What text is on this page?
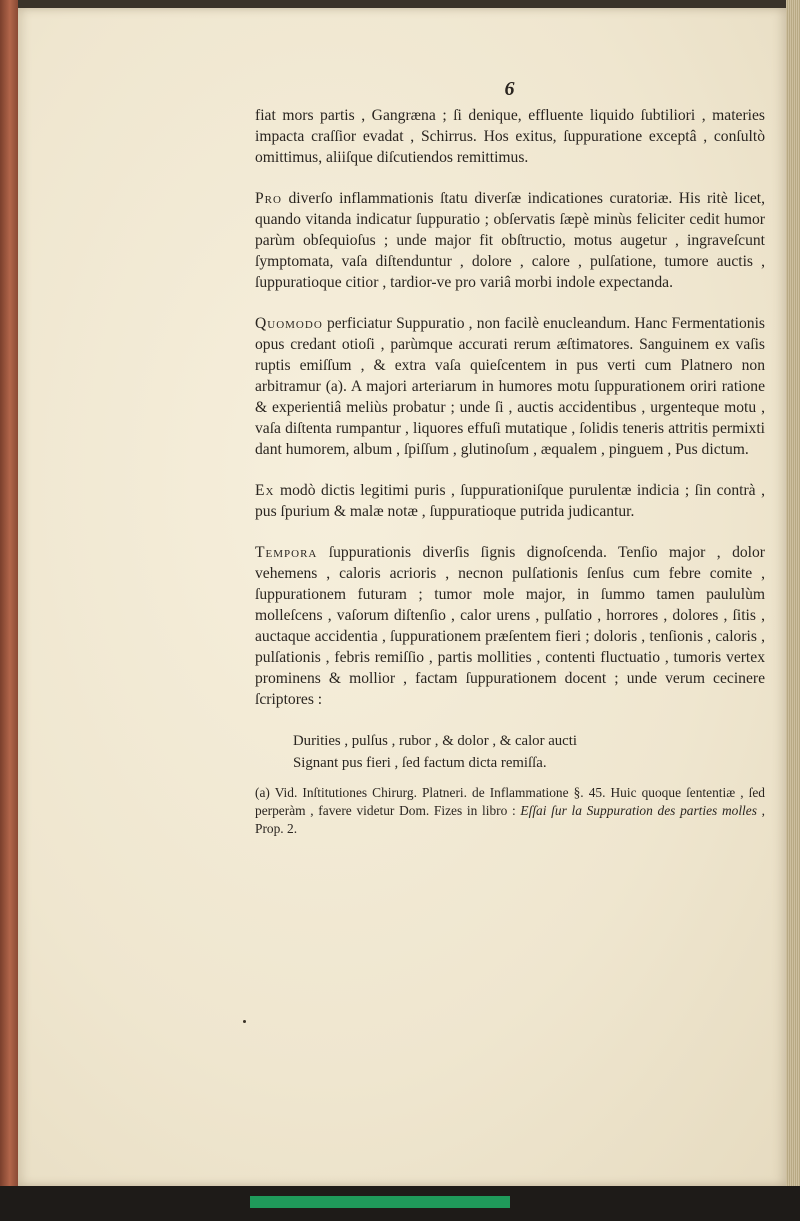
6

fiat mors partis , Gangræna ; ſi denique, effluente liquido ſubtiliori , materies impacta craſſior evadat , Schirrus. Hos exitus, ſuppuratione exceptâ , conſultò omittimus, aliiſque diſcutiendos remittimus.

Pro diverſo inflammationis ſtatu diverſæ indicationes curatoriæ. His ritè licet, quando vitanda indicatur ſuppuratio ; obſervatis ſæpè minùs feliciter cedit humor parùm obſequioſus ; unde major fit obſtructio, motus augetur , ingraveſcunt ſymptomata, vaſa diſtenduntur , dolore , calore , pulſatione, tumore auctis , ſuppuratioque citior , tardior-ve pro variâ morbi indole expectanda.

Quomodo perficiatur Suppuratio , non facilè enucleandum. Hanc Fermentationis opus credant otioſi , parùmque accurati rerum æſtimatores. Sanguinem ex vaſis ruptis emiſſum , & extra vaſa quieſcentem in pus verti cum Platnero non arbitramur (a). A majori arteriarum in humores motu ſuppurationem oriri ratione & experientiâ meliùs probatur ; unde ſi , auctis accidentibus , urgenteque motu , vaſa diſtenta rumpantur , liquores effuſi mutatique , ſolidis teneris attritis permixti dant humorem, album , ſpiſſum , glutinoſum , æqualem , pinguem , Pus dictum.

Ex modò dictis legitimi puris , ſuppurationiſque purulentæ indicia ; ſin contrà , pus ſpurium & malæ notæ , ſuppuratioque putrida judicantur.

Tempora ſuppurationis diverſis ſignis dignoſcenda. Tenſio major , dolor vehemens , caloris acrioris , necnon pulſationis ſenſus cum febre comite , ſuppurationem futuram ; tumor mole major, in ſummo tamen paululùm molleſcens , vaſorum diſtenſio , calor urens , pulſatio , horrores , dolores , ſitis , auctaque accidentia , ſuppurationem præſentem fieri ; doloris , tenſionis , caloris , pulſationis , febris remiſſio , partis mollities , contenti fluctuatio , tumoris vertex prominens & mollior , factam ſuppurationem docent ; unde verum cecinere ſcriptores :

Durities , pulſus , rubor , & dolor , & calor aucti
Signant pus fieri , ſed factum dicta remiſſa.

(a) Vid. Inſtitutiones Chirurg. Platneri. de Inflammatione §. 45. Huic quoque ſententiæ , ſed perperàm , favere videtur Dom. Fizes in libro : Eſſai ſur la Suppuration des parties molles , Prop. 2.
